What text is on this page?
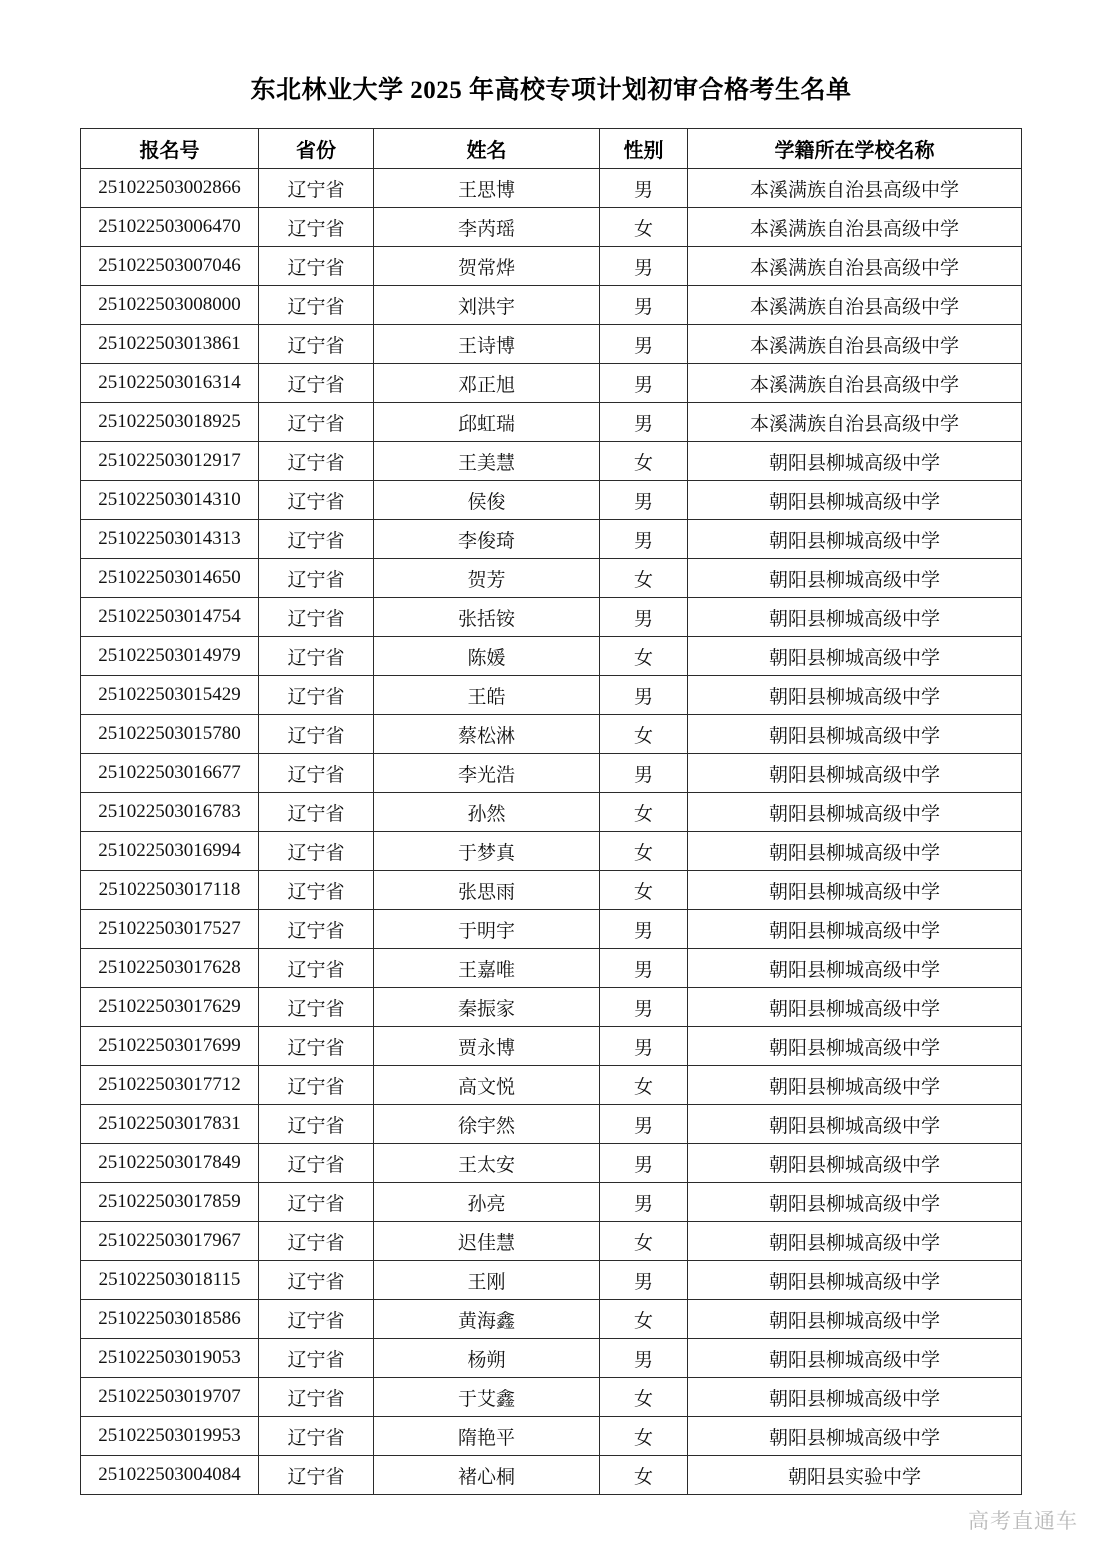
东北林业大学 2025 年高校专项计划初审合格考生名单
报名号	省份	姓名	性别	学籍所在学校名称
251022503002866	辽宁省	王思博	男	本溪满族自治县高级中学
251022503006470	辽宁省	李芮瑶	女	本溪满族自治县高级中学
251022503007046	辽宁省	贺常烨	男	本溪满族自治县高级中学
251022503008000	辽宁省	刘洪宇	男	本溪满族自治县高级中学
251022503013861	辽宁省	王诗博	男	本溪满族自治县高级中学
251022503016314	辽宁省	邓正旭	男	本溪满族自治县高级中学
251022503018925	辽宁省	邱虹瑞	男	本溪满族自治县高级中学
251022503012917	辽宁省	王美慧	女	朝阳县柳城高级中学
251022503014310	辽宁省	侯俊	男	朝阳县柳城高级中学
251022503014313	辽宁省	李俊琦	男	朝阳县柳城高级中学
251022503014650	辽宁省	贺芳	女	朝阳县柳城高级中学
251022503014754	辽宁省	张括铵	男	朝阳县柳城高级中学
251022503014979	辽宁省	陈媛	女	朝阳县柳城高级中学
251022503015429	辽宁省	王皓	男	朝阳县柳城高级中学
251022503015780	辽宁省	蔡松淋	女	朝阳县柳城高级中学
251022503016677	辽宁省	李光浩	男	朝阳县柳城高级中学
251022503016783	辽宁省	孙然	女	朝阳县柳城高级中学
251022503016994	辽宁省	于梦真	女	朝阳县柳城高级中学
251022503017118	辽宁省	张思雨	女	朝阳县柳城高级中学
251022503017527	辽宁省	于明宇	男	朝阳县柳城高级中学
251022503017628	辽宁省	王嘉唯	男	朝阳县柳城高级中学
251022503017629	辽宁省	秦振家	男	朝阳县柳城高级中学
251022503017699	辽宁省	贾永博	男	朝阳县柳城高级中学
251022503017712	辽宁省	高文悦	女	朝阳县柳城高级中学
251022503017831	辽宁省	徐宇然	男	朝阳县柳城高级中学
251022503017849	辽宁省	王太安	男	朝阳县柳城高级中学
251022503017859	辽宁省	孙亮	男	朝阳县柳城高级中学
251022503017967	辽宁省	迟佳慧	女	朝阳县柳城高级中学
251022503018115	辽宁省	王刚	男	朝阳县柳城高级中学
251022503018586	辽宁省	黄海鑫	女	朝阳县柳城高级中学
251022503019053	辽宁省	杨朔	男	朝阳县柳城高级中学
251022503019707	辽宁省	于艾鑫	女	朝阳县柳城高级中学
251022503019953	辽宁省	隋艳平	女	朝阳县柳城高级中学
251022503004084	辽宁省	褚心桐	女	朝阳县实验中学
高考直通车
